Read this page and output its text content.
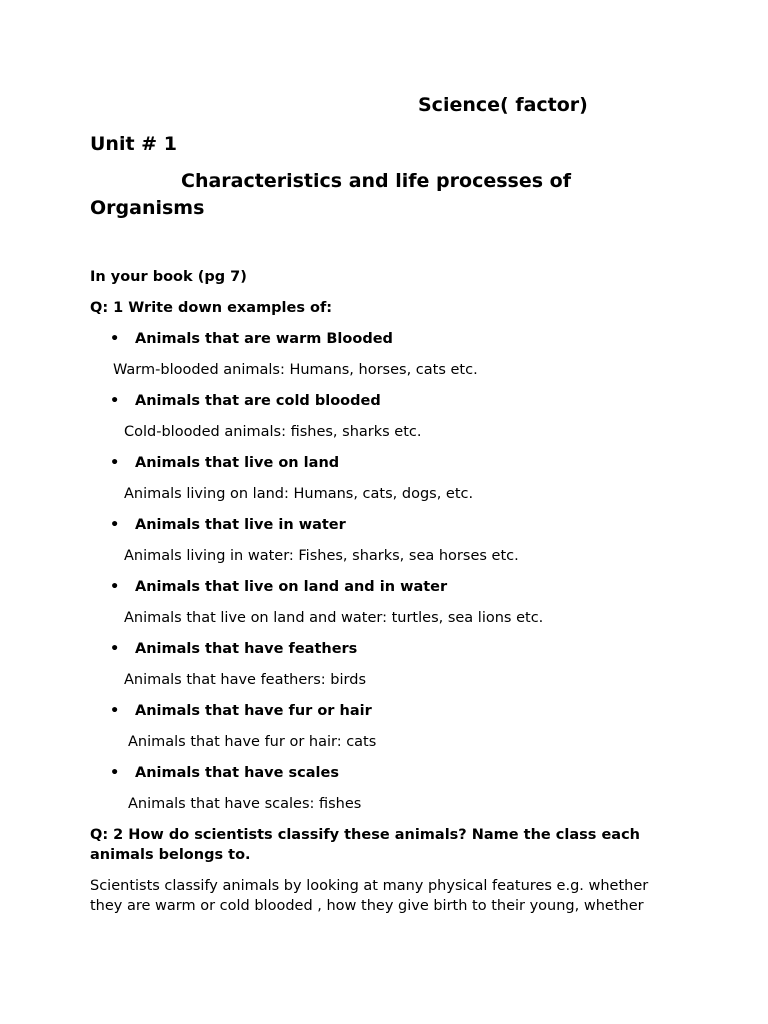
Science( factor)
Unit # 1
Characteristics and life processes of Organisms
In your book (pg 7)
Q: 1 Write down examples of:
• Animals that are warm Blooded
Warm-blooded animals: Humans, horses, cats etc.
• Animals that are cold blooded
Cold-blooded animals: fishes, sharks etc.
• Animals that live on land
Animals living on land: Humans, cats, dogs, etc.
• Animals that live in water
Animals living in water: Fishes, sharks, sea horses etc.
• Animals that live on land and in water
Animals that live on land and water: turtles, sea lions etc.
• Animals that have feathers
Animals that have feathers: birds
• Animals that have fur or hair
Animals that have fur or hair: cats
• Animals that have scales
Animals that have scales: fishes
Q: 2 How do scientists classify these animals? Name the class each animals belongs to.
Scientists classify animals by looking at many physical features e.g. whether they are warm or cold blooded , how they give birth to their young, whether
